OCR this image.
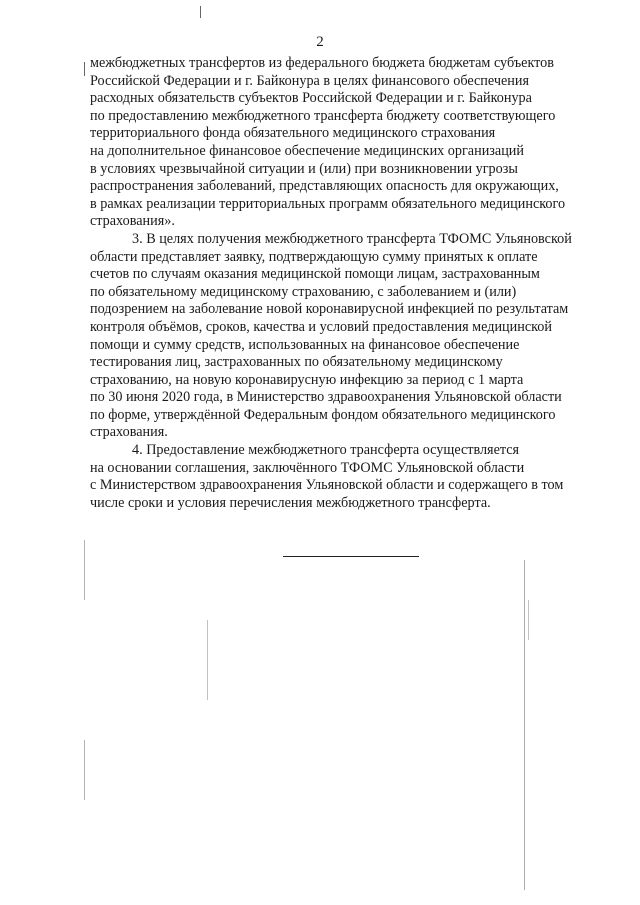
2

межбюджетных трансфертов из федерального бюджета бюджетам субъектов
Российской Федерации и г. Байконура в целях финансового обеспечения
расходных обязательств субъектов Российской Федерации и г. Байконура
по предоставлению межбюджетного трансферта бюджету соответствующего
территориального фонда обязательного медицинского страхования
на дополнительное финансовое обеспечение медицинских организаций
в условиях чрезвычайной ситуации и (или) при возникновении угрозы
распространения заболеваний, представляющих опасность для окружающих,
в рамках реализации территориальных программ обязательного медицинского
страхования».

3. В целях получения межбюджетного трансферта ТФОМС Ульяновской
области представляет заявку, подтверждающую сумму принятых к оплате
счетов по случаям оказания медицинской помощи лицам, застрахованным
по обязательному медицинскому страхованию, с заболеванием и (или)
подозрением на заболевание новой коронавирусной инфекцией по результатам
контроля объёмов, сроков, качества и условий предоставления медицинской
помощи и сумму средств, использованных на финансовое обеспечение
тестирования лиц, застрахованных по обязательному медицинскому
страхованию, на новую коронавирусную инфекцию за период с 1 марта
по 30 июня 2020 года, в Министерство здравоохранения Ульяновской области
по форме, утверждённой Федеральным фондом обязательного медицинского
страхования.

4. Предоставление межбюджетного трансферта осуществляется
на основании соглашения, заключённого ТФОМС Ульяновской области
с Министерством здравоохранения Ульяновской области и содержащего в том
числе сроки и условия перечисления межбюджетного трансферта.
